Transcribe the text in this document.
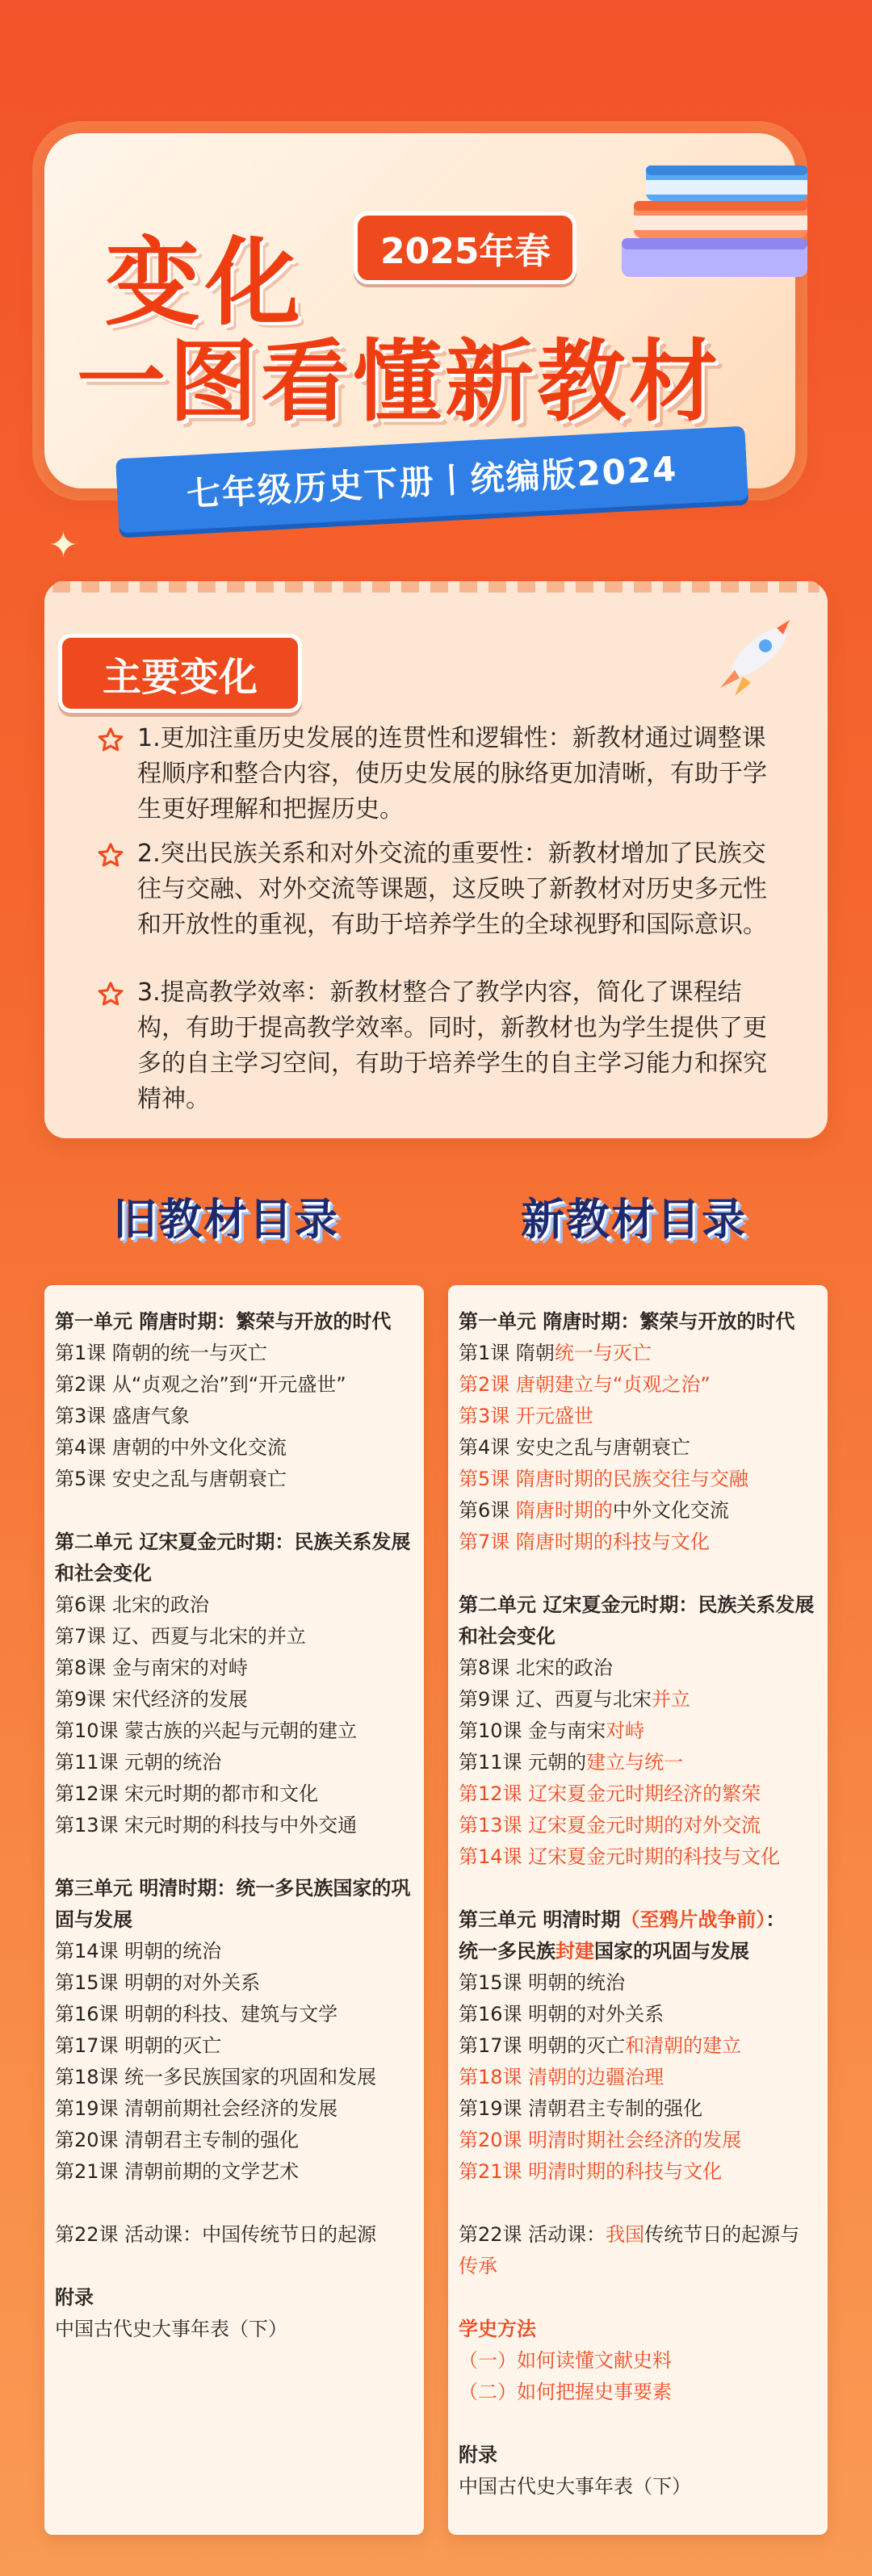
变化	2025年春
一图看懂新教材
七年级历史下册丨统编版2024
✦
主要变化

1.更加注重历史发展的连贯性和逻辑性：新教材通过调整课程顺序和整合内容，使历史发展的脉络更加清晰，有助于学生更好理解和把握历史。

2.突出民族关系和对外交流的重要性：新教材增加了民族交往与交融、对外交流等课题，这反映了新教材对历史多元性和开放性的重视，有助于培养学生的全球视野和国际意识。

3.提高教学效率：新教材整合了教学内容，简化了课程结构，有助于提高教学效率。同时，新教材也为学生提供了更多的自主学习空间，有助于培养学生的自主学习能力和探究精神。

旧教材目录	新教材目录
第一单元 隋唐时期：繁荣与开放的时代
第1课 隋朝的统一与灭亡
第2课 从“贞观之治”到“开元盛世”
第3课 盛唐气象
第4课 唐朝的中外文化交流
第5课 安史之乱与唐朝衰亡
第二单元 辽宋夏金元时期：民族关系发展和社会变化
第6课 北宋的政治
第7课 辽、西夏与北宋的并立
第8课 金与南宋的对峙
第9课 宋代经济的发展
第10课 蒙古族的兴起与元朝的建立
第11课 元朝的统治
第12课 宋元时期的都市和文化
第13课 宋元时期的科技与中外交通
第三单元 明清时期：统一多民族国家的巩固与发展
第14课 明朝的统治
第15课 明朝的对外关系
第16课 明朝的科技、建筑与文学
第17课 明朝的灭亡
第18课 统一多民族国家的巩固和发展
第19课 清朝前期社会经济的发展
第20课 清朝君主专制的强化
第21课 清朝前期的文学艺术
第22课 活动课：中国传统节日的起源
附录
中国古代史大事年表（下）
第一单元 隋唐时期：繁荣与开放的时代
第1课 隋朝统一与灭亡
第2课 唐朝建立与“贞观之治”
第3课 开元盛世
第4课 安史之乱与唐朝衰亡
第5课 隋唐时期的民族交往与交融
第6课 隋唐时期的中外文化交流
第7课 隋唐时期的科技与文化
第二单元 辽宋夏金元时期：民族关系发展和社会变化
第8课 北宋的政治
第9课 辽、西夏与北宋并立
第10课 金与南宋对峙
第11课 元朝的建立与统一
第12课 辽宋夏金元时期经济的繁荣
第13课 辽宋夏金元时期的对外交流
第14课 辽宋夏金元时期的科技与文化
第三单元 明清时期（至鸦片战争前）：
统一多民族封建国家的巩固与发展
第15课 明朝的统治
第16课 明朝的对外关系
第17课 明朝的灭亡和清朝的建立
第18课 清朝的边疆治理
第19课 清朝君主专制的强化
第20课 明清时期社会经济的发展
第21课 明清时期的科技与文化
第22课 活动课：我国传统节日的起源与
传承
学史方法
（一）如何读懂文献史料
（二）如何把握史事要素
附录
中国古代史大事年表（下）
